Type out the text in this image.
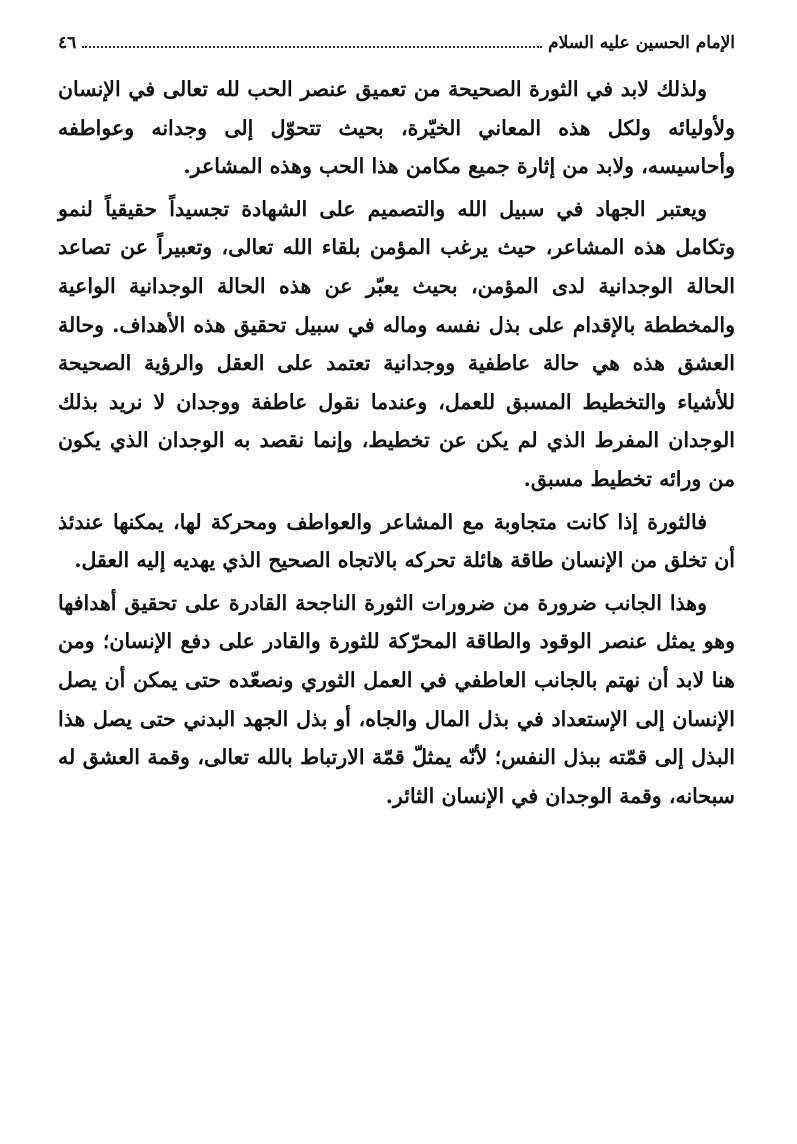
الإمام الحسين عليه السلام
٤٦

ولذلك لابد في الثورة الصحيحة من تعميق عنصر الحب لله تعالى في الإنسان ولأوليائه ولكل هذه المعاني الخيّرة، بحيث تتحوّل إلى وجدانه وعواطفه وأحاسيسه، ولابد من إثارة جميع مكامن هذا الحب وهذه المشاعر.

ويعتبر الجهاد في سبيل الله والتصميم على الشهادة تجسيداً حقيقياً لنمو وتكامل هذه المشاعر، حيث يرغب المؤمن بلقاء الله تعالى، وتعبيراً عن تصاعد الحالة الوجدانية لدى المؤمن، بحيث يعبّر عن هذه الحالة الوجدانية الواعية والمخططة بالإقدام على بذل نفسه وماله في سبيل تحقيق هذه الأهداف. وحالة العشق هذه هي حالة عاطفية ووجدانية تعتمد على العقل والرؤية الصحيحة للأشياء والتخطيط المسبق للعمل، وعندما نقول عاطفة ووجدان لا نريد بذلك الوجدان المفرط الذي لم يكن عن تخطيط، وإنما نقصد به الوجدان الذي يكون من ورائه تخطيط مسبق.

فالثورة إذا كانت متجاوبة مع المشاعر والعواطف ومحركة لها، يمكنها عندئذ أن تخلق من الإنسان طاقة هائلة تحركه بالاتجاه الصحيح الذي يهديه إليه العقل.

وهذا الجانب ضرورة من ضرورات الثورة الناجحة القادرة على تحقيق أهدافها وهو يمثل عنصر الوقود والطاقة المحرّكة للثورة والقادر على دفع الإنسان؛ ومن هنا لابد أن نهتم بالجانب العاطفي في العمل الثوري ونصعّده حتى يمكن أن يصل الإنسان إلى الإستعداد في بذل المال والجاه، أو بذل الجهد البدني حتى يصل هذا البذل إلى قمّته ببذل النفس؛ لأنّه يمثلّ قمّة الارتباط بالله تعالى، وقمة العشق له سبحانه، وقمة الوجدان في الإنسان الثائر.
